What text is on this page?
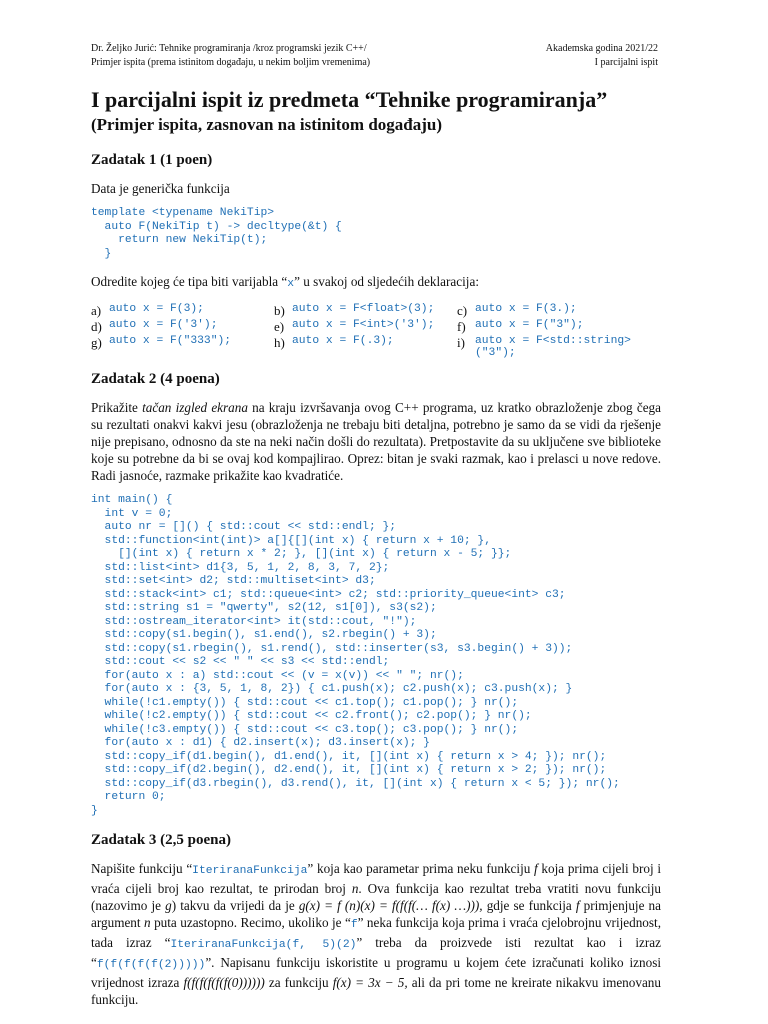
Dr. Željko Jurić: Tehnike programiranja /kroz programski jezik C++/
Primjer ispita (prema istinitom događaju, u nekim boljim vremenima)
Akademska godina 2021/22
I parcijalni ispit
I parcijalni ispit iz predmeta “Tehnike programiranja”
(Primjer ispita, zasnovan na istinitom događaju)
Zadatak 1 (1 poen)

Data je generička funkcija

template <typename NekiTip>
auto F(NekiTip t) -> decltype(&t) {
return new NekiTip(t);
}

Odredite kojeg će tipa biti varijabla “x” u svakoj od sljedećih deklaracija:

a)	auto x = F(3);	b)	auto x = F<float>(3);	c)	auto x = F(3.);
d)	auto x = F('3');	e)	auto x = F<int>('3');	f)	auto x = F("3");
g)	auto x = F("333");	h)	auto x = F(.3);	i)	auto x = F<std::string>("3");
Zadatak 2 (4 poena)

Prikažite tačan izgled ekrana na kraju izvršavanja ovog C++ programa, uz kratko obrazloženje zbog čega su rezultati onakvi kakvi jesu (obrazloženja ne trebaju biti detaljna, potrebno je samo da se vidi da rješenje nije prepisano, odnosno da ste na neki način došli do rezultata). Pretpostavite da su uključene sve biblioteke koje su potrebne da bi se ovaj kod kompajlirao. Oprez: bitan je svaki razmak, kao i prelasci u nove redove. Radi jasnoće, razmake prikažite kao kvadratiće.

int main() {
int v = 0;
auto nr = []() { std::cout << std::endl; };
std::function<int(int)> a[]{[](int x) { return x + 10; },
[](int x) { return x * 2; }, [](int x) { return x - 5; }};
std::list<int> d1{3, 5, 1, 2, 8, 3, 7, 2};
std::set<int> d2; std::multiset<int> d3;
std::stack<int> c1; std::queue<int> c2; std::priority_queue<int> c3;
std::string s1 = "qwerty", s2(12, s1[0]), s3(s2);
std::ostream_iterator<int> it(std::cout, "!");
std::copy(s1.begin(), s1.end(), s2.rbegin() + 3);
std::copy(s1.rbegin(), s1.rend(), std::inserter(s3, s3.begin() + 3));
std::cout << s2 << " " << s3 << std::endl;
for(auto x : a) std::cout << (v = x(v)) << " "; nr();
for(auto x : {3, 5, 1, 8, 2}) { c1.push(x); c2.push(x); c3.push(x); }
while(!c1.empty()) { std::cout << c1.top(); c1.pop(); } nr();
while(!c2.empty()) { std::cout << c2.front(); c2.pop(); } nr();
while(!c3.empty()) { std::cout << c3.top(); c3.pop(); } nr();
for(auto x : d1) { d2.insert(x); d3.insert(x); }
std::copy_if(d1.begin(), d1.end(), it, [](int x) { return x > 4; }); nr();
std::copy_if(d2.begin(), d2.end(), it, [](int x) { return x > 2; }); nr();
std::copy_if(d3.rbegin(), d3.rend(), it, [](int x) { return x < 5; }); nr();
return 0;
}
Zadatak 3 (2,5 poena)

Napišite funkciju “IteriranaFunkcija” koja kao parametar prima neku funkciju f koja prima cijeli broj i vraća cijeli broj kao rezultat, te prirodan broj n. Ova funkcija kao rezultat treba vratiti novu funkciju (nazovimo je g) takvu da vrijedi da je g(x) = f (n)(x) = f(f(f(… f(x) …))), gdje se funkcija f primjenjuje na argument n puta uzastopno. Recimo, ukoliko je “f” neka funkcija koja prima i vraća cjelobrojnu vrijednost, tada izraz “IteriranaFunkcija(f, 5)(2)” treba da proizvede isti rezultat kao i izraz “f(f(f(f(f(2)))))”. Napisanu funkciju iskoristite u programu u kojem ćete izračunati koliko iznosi vrijednost izraza f(f(f(f(f(f(0)))))) za funkciju f(x) = 3x − 5, ali da pri tome ne kreirate nikakvu imenovanu funkciju.
